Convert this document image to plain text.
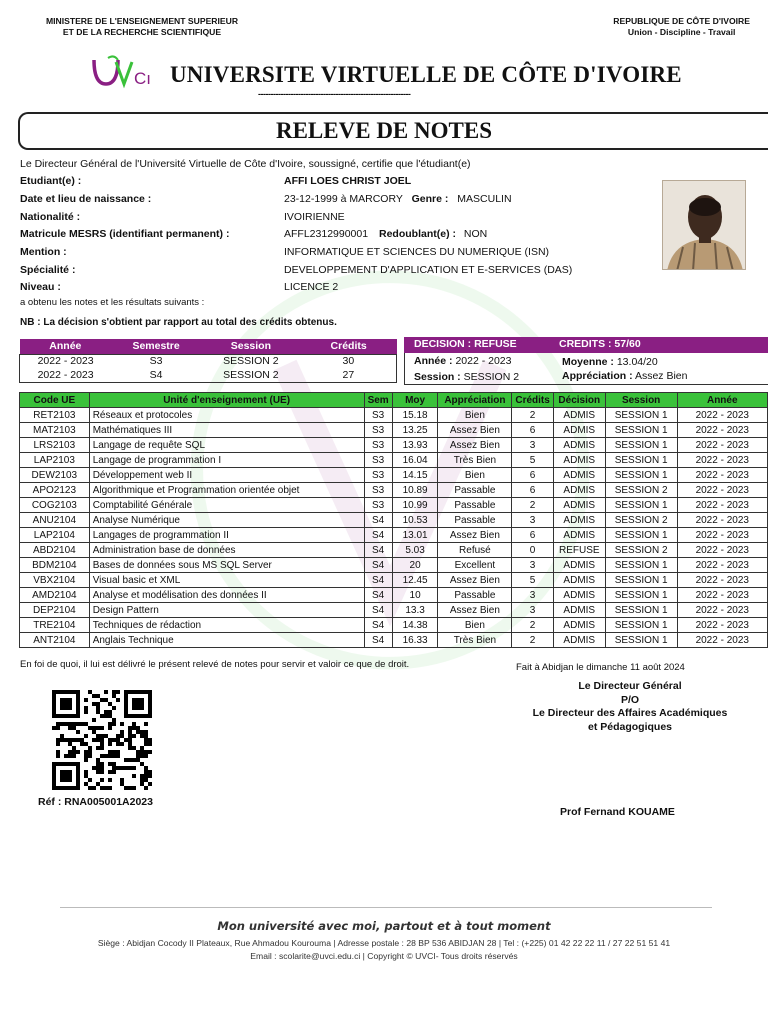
MINISTERE DE L'ENSEIGNEMENT SUPERIEUR
ET DE LA RECHERCHE SCIENTIFIQUE
REPUBLIQUE DE CÔTE D'IVOIRE
Union - Discipline - Travail
Cı UNIVERSITE VIRTUELLE DE CÔTE D'IVOIRE
-------------------------------------------------------------
RELEVE DE NOTES
Le Directeur Général de l'Université Virtuelle de Côte d'Ivoire, soussigné, certifie que l'étudiant(e)
Etudiant(e) :	AFFI LOES CHRIST JOEL
Date et lieu de naissance :	23-12-1999 à MARCORY Genre : MASCULIN
Nationalité :	IVOIRIENNE
Matricule MESRS (identifiant permanent) :	AFFL2312990001 Redoublant(e) : NON
Mention :	INFORMATIQUE ET SCIENCES DU NUMERIQUE (ISN)
Spécialité :	DEVELOPPEMENT D'APPLICATION ET E-SERVICES (DAS)
Niveau :	LICENCE 2
a obtenu les notes et les résultats suivants :
NB : La décision s'obtient par rapport au total des crédits obtenus.
Année	Semestre	Session	Crédits
2022 - 2023	S3	SESSION 2	30
2022 - 2023	S4	SESSION 2	27
DECISION : REFUSE	CREDITS : 57/60
Année : 2022 - 2023
Session : SESSION 2
Moyenne : 13.04/20
Appréciation : Assez Bien
Code UE	Unité d'enseignement (UE)	Sem	Moy	Appréciation	Crédits	Décision	Session	Année
RET2103	Réseaux et protocoles	S3	15.18	Bien	2	ADMIS	SESSION 1	2022 - 2023
MAT2103	Mathématiques III	S3	13.25	Assez Bien	6	ADMIS	SESSION 1	2022 - 2023
LRS2103	Langage de requête SQL	S3	13.93	Assez Bien	3	ADMIS	SESSION 1	2022 - 2023
LAP2103	Langage de programmation I	S3	16.04	Très Bien	5	ADMIS	SESSION 1	2022 - 2023
DEW2103	Développement web II	S3	14.15	Bien	6	ADMIS	SESSION 1	2022 - 2023
APO2123	Algorithmique et Programmation orientée objet	S3	10.89	Passable	6	ADMIS	SESSION 2	2022 - 2023
COG2103	Comptabilité Générale	S3	10.99	Passable	2	ADMIS	SESSION 1	2022 - 2023
ANU2104	Analyse Numérique	S4	10.53	Passable	3	ADMIS	SESSION 2	2022 - 2023
LAP2104	Langages de programmation II	S4	13.01	Assez Bien	6	ADMIS	SESSION 1	2022 - 2023
ABD2104	Administration base de données	S4	5.03	Refusé	0	REFUSE	SESSION 2	2022 - 2023
BDM2104	Bases de données sous MS SQL Server	S4	20	Excellent	3	ADMIS	SESSION 1	2022 - 2023
VBX2104	Visual basic et XML	S4	12.45	Assez Bien	5	ADMIS	SESSION 1	2022 - 2023
AMD2104	Analyse et modélisation des données II	S4	10	Passable	3	ADMIS	SESSION 1	2022 - 2023
DEP2104	Design Pattern	S4	13.3	Assez Bien	3	ADMIS	SESSION 1	2022 - 2023
TRE2104	Techniques de rédaction	S4	14.38	Bien	2	ADMIS	SESSION 1	2022 - 2023
ANT2104	Anglais Technique	S4	16.33	Très Bien	2	ADMIS	SESSION 1	2022 - 2023
En foi de quoi, il lui est délivré le présent relevé de notes pour servir et valoir ce que de droit.	Fait à Abidjan le dimanche 11 août 2024
Le Directeur Général
P/O
Le Directeur des Affaires Académiques
et Pédagogiques
Réf : RNA005001A2023
Prof Fernand KOUAME
Mon université avec moi, partout et à tout moment
Siège : Abidjan Cocody II Plateaux, Rue Ahmadou Kourouma | Adresse postale : 28 BP 536 ABIDJAN 28 | Tel : (+225) 01 42 22 22 11 / 27 22 51 51 41
Email : scolarite@uvci.edu.ci | Copyright © UVCI- Tous droits réservés
